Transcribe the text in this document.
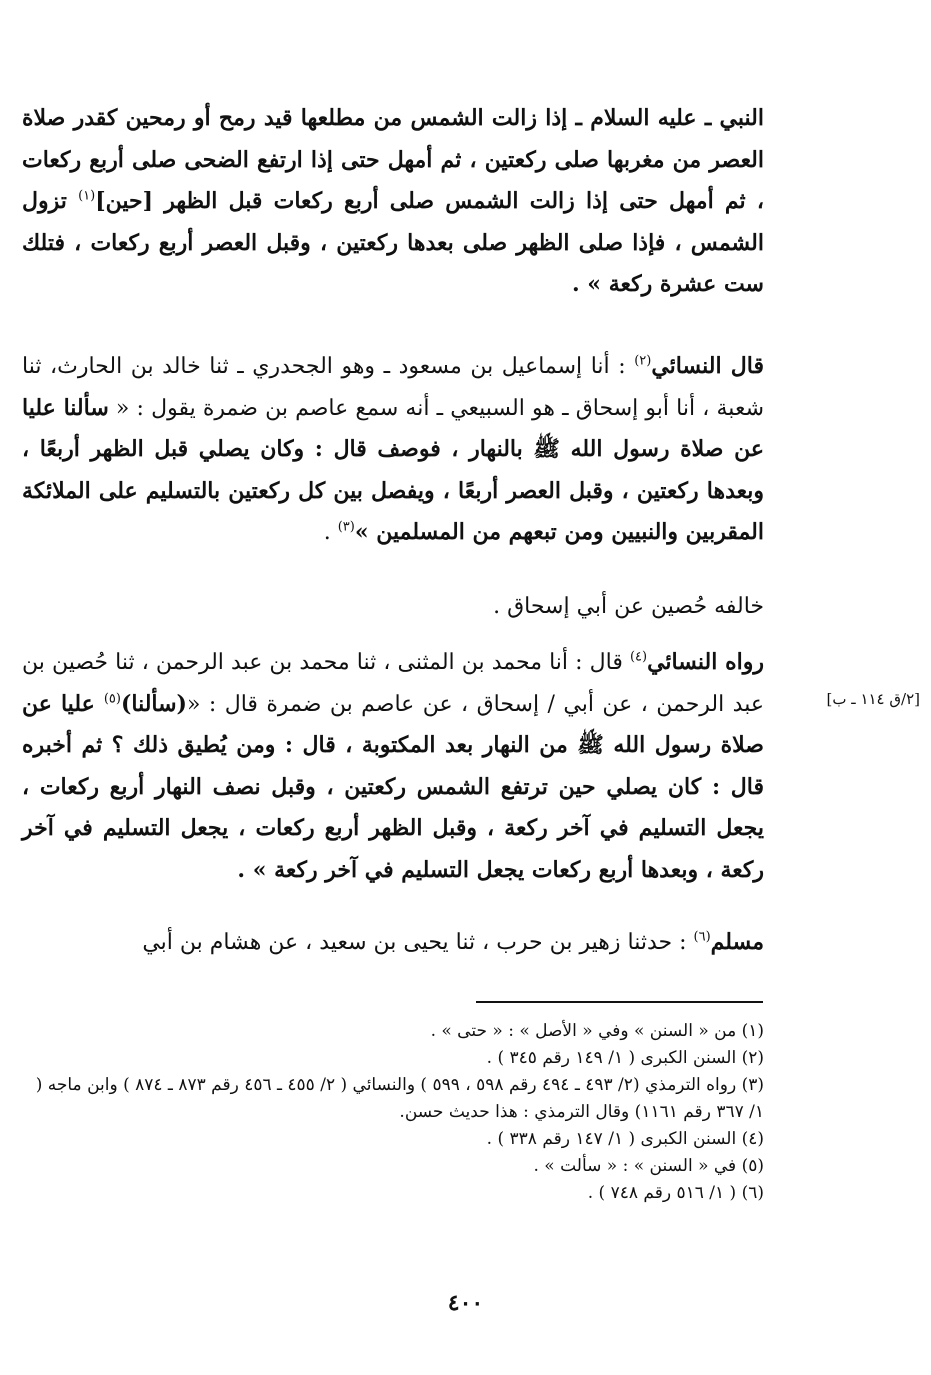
النبي ـ عليه السلام ـ إذا زالت الشمس من مطلعها قيد رمح أو رمحين كقدر صلاة العصر من مغربها صلى ركعتين ، ثم أمهل حتى إذا ارتفع الضحى صلى أربع ركعات ، ثم أمهل حتى إذا زالت الشمس صلى أربع ركعات قبل الظهر [حين]$^{(١)}$ تزول الشمس ، فإذا صلى الظهر صلى بعدها ركعتين ، وقبل العصر أربع ركعات ، فتلك ست عشرة ركعة » .
قال النسائي$^{(٢)}$ : أنا إسماعيل بن مسعود ـ وهو الجحدري ـ ثنا خالد بن الحارث، ثنا شعبة ، أنا أبو إسحاق ـ هو السبيعي ـ أنه سمع عاصم بن ضمرة يقول : « سألنا عليا عن صلاة رسول الله ﷺ بالنهار ، فوصف قال : وكان يصلي قبل الظهر أربعًا ، وبعدها ركعتين ، وقبل العصر أربعًا ، ويفصل بين كل ركعتين بالتسليم على الملائكة المقربين والنبيين ومن تبعهم من المسلمين »$^{(٣)}$ .
خالفه حُصين عن أبي إسحاق .
رواه النسائي$^{(٤)}$ قال : أنا محمد بن المثنى ، ثنا محمد بن عبد الرحمن ، ثنا حُصين بن عبد الرحمن ، عن أبي / إسحاق ، عن عاصم بن ضمرة قال : «(سألنا)$^{(٥)}$ عليا عن صلاة رسول الله ﷺ من النهار بعد المكتوبة ، قال : ومن يُطيق ذلك ؟ ثم أخبره قال : كان يصلي حين ترتفع الشمس ركعتين ، وقبل نصف النهار أربع ركعات ، يجعل التسليم في آخر ركعة ، وقبل الظهر أربع ركعات ، يجعل التسليم في آخر ركعة ، وبعدها أربع ركعات يجعل التسليم في آخر ركعة » .
مسلم$^{(٦)}$ : حدثنا زهير بن حرب ، ثنا يحيى بن سعيد ، عن هشام بن أبي
[٢/ق ١١٤ ـ ب]
(١) من « السنن » وفي « الأصل » : « حتى » .
(٢) السنن الكبرى ( ١/ ١٤٩ رقم ٣٤٥ ) .
(٣) رواه الترمذي (٢/ ٤٩٣ ـ ٤٩٤ رقم ٥٩٨ ، ٥٩٩ ) والنسائي ( ٢/ ٤٥٥ ـ ٤٥٦ رقم ٨٧٣ ـ ٨٧٤ ) وابن ماجه ( ١/ ٣٦٧ رقم ١١٦١) وقال الترمذي : هذا حديث حسن.
(٤) السنن الكبرى ( ١/ ١٤٧ رقم ٣٣٨ ) .
(٥) في « السنن » : « سألت » .
(٦) ( ١/ ٥١٦ رقم ٧٤٨ ) .
٤٠٠
